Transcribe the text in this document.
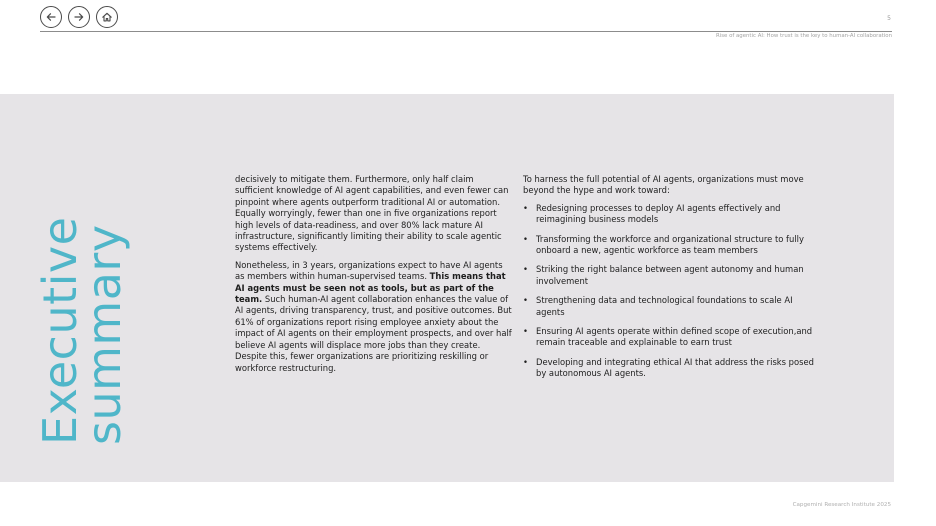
5
Rise of agentic AI: How trust is the key to human-AI collaboration
Executive
summary

decisively to mitigate them. Furthermore, only half claim sufficient knowledge of AI agent capabilities, and even fewer can pinpoint where agents outperform traditional AI or automation. Equally worryingly, fewer than one in five organizations report high levels of data-readiness, and over 80% lack mature AI infrastructure, significantly limiting their ability to scale agentic systems effectively.

Nonetheless, in 3 years, organizations expect to have AI agents as members within human-supervised teams. This means that AI agents must be seen not as tools, but as part of the team. Such human-AI agent collaboration enhances the value of AI agents, driving transparency, trust, and positive outcomes. But 61% of organizations report rising employee anxiety about the impact of AI agents on their employment prospects, and over half believe AI agents will displace more jobs than they create. Despite this, fewer organizations are prioritizing reskilling or workforce restructuring.

To harness the full potential of AI agents, organizations must move beyond the hype and work toward:

• Redesigning processes to deploy AI agents effectively and reimagining business models
• Transforming the workforce and organizational structure to fully onboard a new, agentic workforce as team members
• Striking the right balance between agent autonomy and human involvement
• Strengthening data and technological foundations to scale AI agents
• Ensuring AI agents operate within defined scope of execution,and remain traceable and explainable to earn trust
• Developing and integrating ethical AI that address the risks posed by autonomous AI agents.
Capgemini Research Institute 2025
